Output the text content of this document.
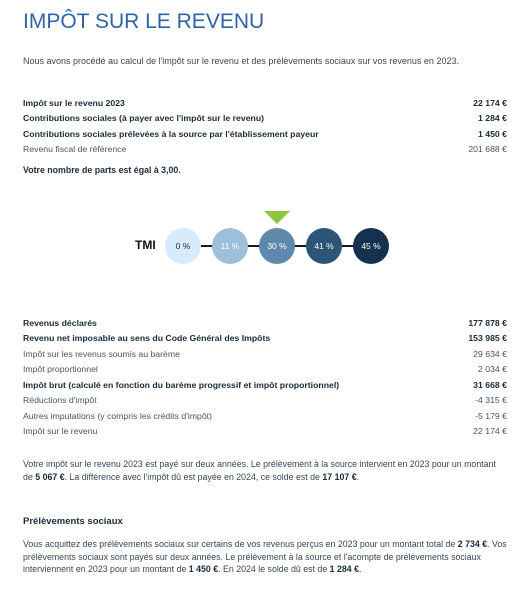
IMPÔT SUR LE REVENU

Nous avons procédé au calcul de l'impôt sur le revenu et des prélèvements sociaux sur vos revenus en 2023.

Impôt sur le revenu 2023	22 174 €
Contributions sociales (à payer avec l'impôt sur le revenu)	1 284 €
Contributions sociales prélevées à la source par l'établissement payeur	1 450 €
Revenu fiscal de référence	201 688 €
Votre nombre de parts est égal à 3,00.
TMI	0 %	11 %	30 %	41 %	45 %
Revenus déclarés	177 878 €
Revenu net imposable au sens du Code Général des Impôts	153 985 €
Impôt sur les revenus soumis au barème	29 634 €
Impôt proportionnel	2 034 €
Impôt brut (calculé en fonction du barème progressif et impôt proportionnel)	31 668 €
Réductions d'impôt	-4 315 €
Autres imputations (y compris les crédits d'impôt)	-5 179 €
Impôt sur le revenu	22 174 €

Votre impôt sur le revenu 2023 est payé sur deux années. Le prélèvement à la source intervient en 2023 pour un montant de 5 067 €. La différence avec l'impôt dû est payée en 2024, ce solde est de 17 107 €.

Prélèvements sociaux

Vous acquittez des prélèvements sociaux sur certains de vos revenus perçus en 2023 pour un montant total de 2 734 €. Vos prélèvements sociaux sont payés sur deux années. Le prélèvement à la source et l'acompte de prélèvements sociaux interviennent en 2023 pour un montant de 1 450 €. En 2024 le solde dû est de 1 284 €.
